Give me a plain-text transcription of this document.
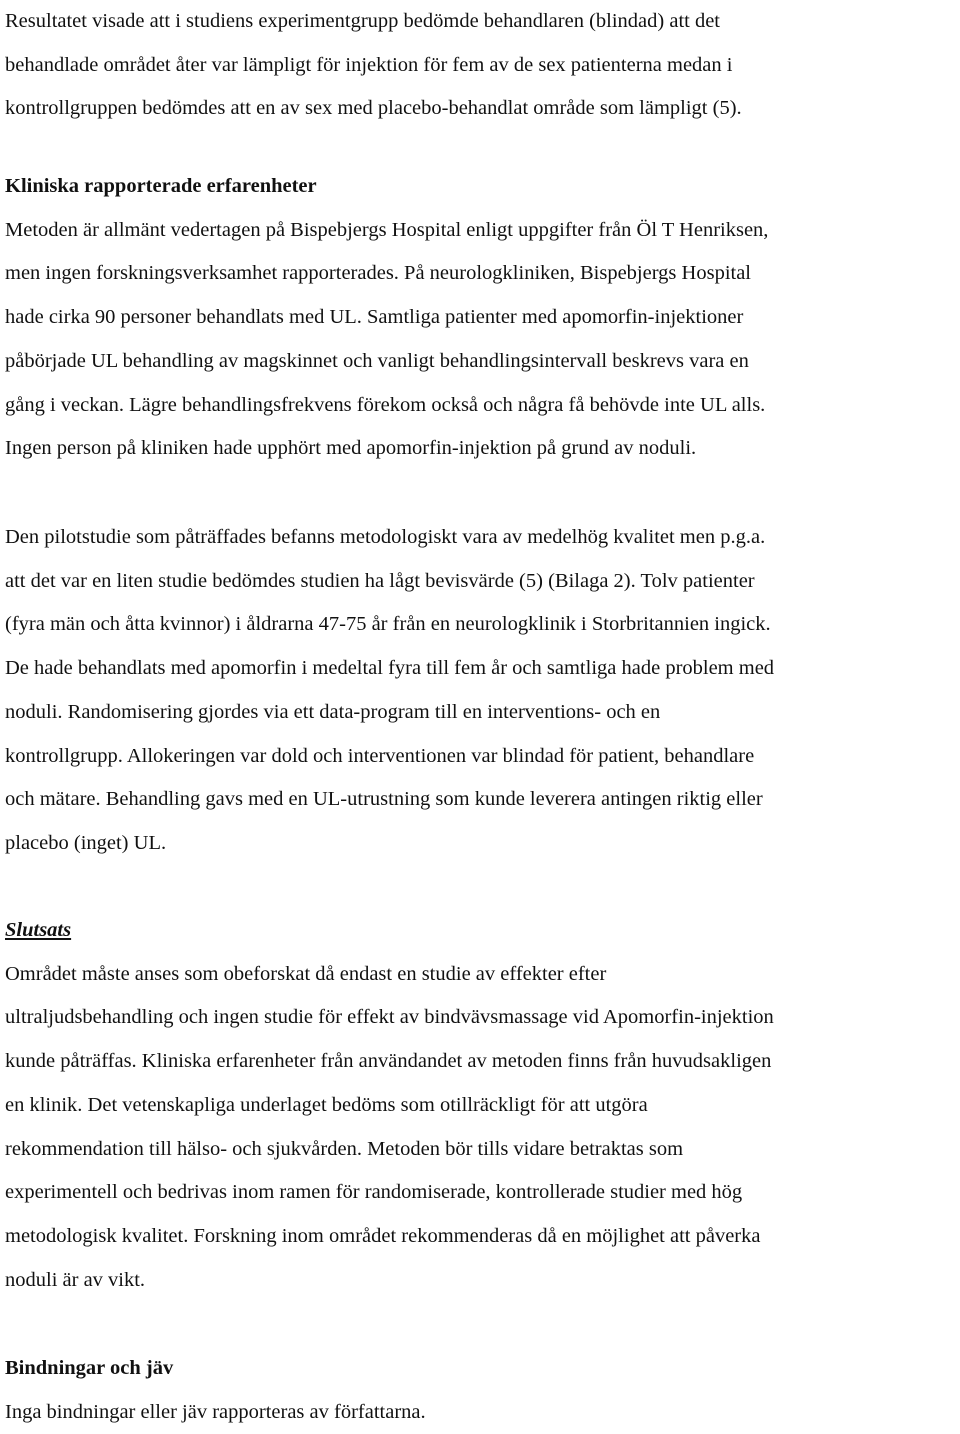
Resultatet visade att i studiens experimentgrupp bedömde behandlaren (blindad) att det
behandlade området åter var lämpligt för injektion för fem av de sex patienterna medan i
kontrollgruppen bedömdes att en av sex med placebo-behandlat område som lämpligt (5).

Kliniska rapporterade erfarenheter

Metoden är allmänt vedertagen på Bispebjergs Hospital enligt uppgifter från Öl T Henriksen,
men ingen forskningsverksamhet rapporterades. På neurologkliniken, Bispebjergs Hospital
hade cirka 90 personer behandlats med UL. Samtliga patienter med apomorfin-injektioner
påbörjade UL behandling av magskinnet och vanligt behandlingsintervall beskrevs vara en
gång i veckan. Lägre behandlingsfrekvens förekom också och några få behövde inte UL alls.
Ingen person på kliniken hade upphört med apomorfin-injektion på grund av noduli.

Den pilotstudie som påträffades befanns metodologiskt vara av medelhög kvalitet men p.g.a.
att det var en liten studie bedömdes studien ha lågt bevisvärde (5) (Bilaga 2). Tolv patienter
(fyra män och åtta kvinnor) i åldrarna 47-75 år från en neurologklinik i Storbritannien ingick.
De hade behandlats med apomorfin i medeltal fyra till fem år och samtliga hade problem med
noduli. Randomisering gjordes via ett data-program till en interventions- och en
kontrollgrupp. Allokeringen var dold och interventionen var blindad för patient, behandlare
och mätare. Behandling gavs med en UL-utrustning som kunde leverera antingen riktig eller
placebo (inget) UL.

Slutsats

Området måste anses som obeforskat då endast en studie av effekter efter
ultraljudsbehandling och ingen studie för effekt av bindvävsmassage vid Apomorfin-injektion
kunde påträffas. Kliniska erfarenheter från användandet av metoden finns från huvudsakligen
en klinik. Det vetenskapliga underlaget bedöms som otillräckligt för att utgöra
rekommendation till hälso- och sjukvården. Metoden bör tills vidare betraktas som
experimentell och bedrivas inom ramen för randomiserade, kontrollerade studier med hög
metodologisk kvalitet. Forskning inom området rekommenderas då en möjlighet att påverka
noduli är av vikt.

Bindningar och jäv

Inga bindningar eller jäv rapporteras av författarna.
